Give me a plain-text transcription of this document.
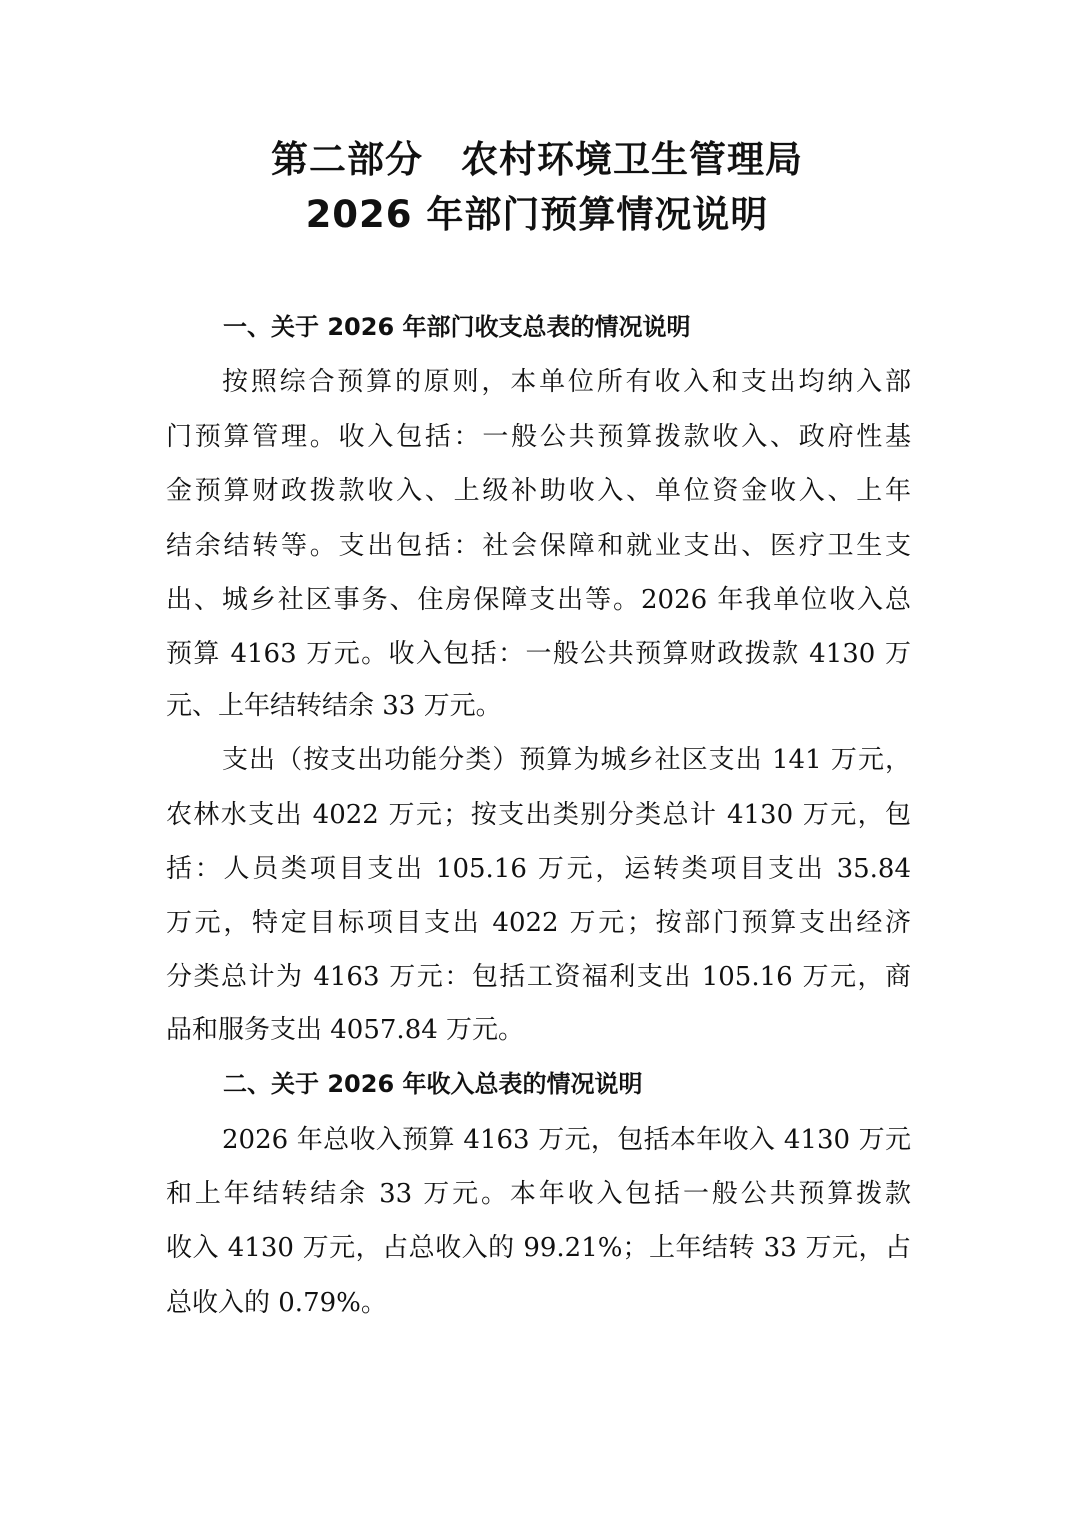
第二部分　农村环境卫生管理局
2026 年部门预算情况说明
一、关于 2026 年部门收支总表的情况说明
按照综合预算的原则，本单位所有收入和支出均纳入部
门预算管理。收入包括：一般公共预算拨款收入、政府性基
金预算财政拨款收入、上级补助收入、单位资金收入、上年
结余结转等。支出包括：社会保障和就业支出、医疗卫生支
出、城乡社区事务、住房保障支出等。2026 年我单位收入总
预算 4163 万元。收入包括：一般公共预算财政拨款 4130 万
元、上年结转结余 33 万元。
支出（按支出功能分类）预算为城乡社区支出 141 万元，
农林水支出 4022 万元；按支出类别分类总计 4130 万元，包
括：人员类项目支出 105.16 万元，运转类项目支出 35.84
万元，特定目标项目支出 4022 万元；按部门预算支出经济
分类总计为 4163 万元：包括工资福利支出 105.16 万元，商
品和服务支出 4057.84 万元。
二、关于 2026 年收入总表的情况说明
2026 年总收入预算 4163 万元，包括本年收入 4130 万元
和上年结转结余 33 万元。本年收入包括一般公共预算拨款
收入 4130 万元，占总收入的 99.21%；上年结转 33 万元，占
总收入的 0.79%。
